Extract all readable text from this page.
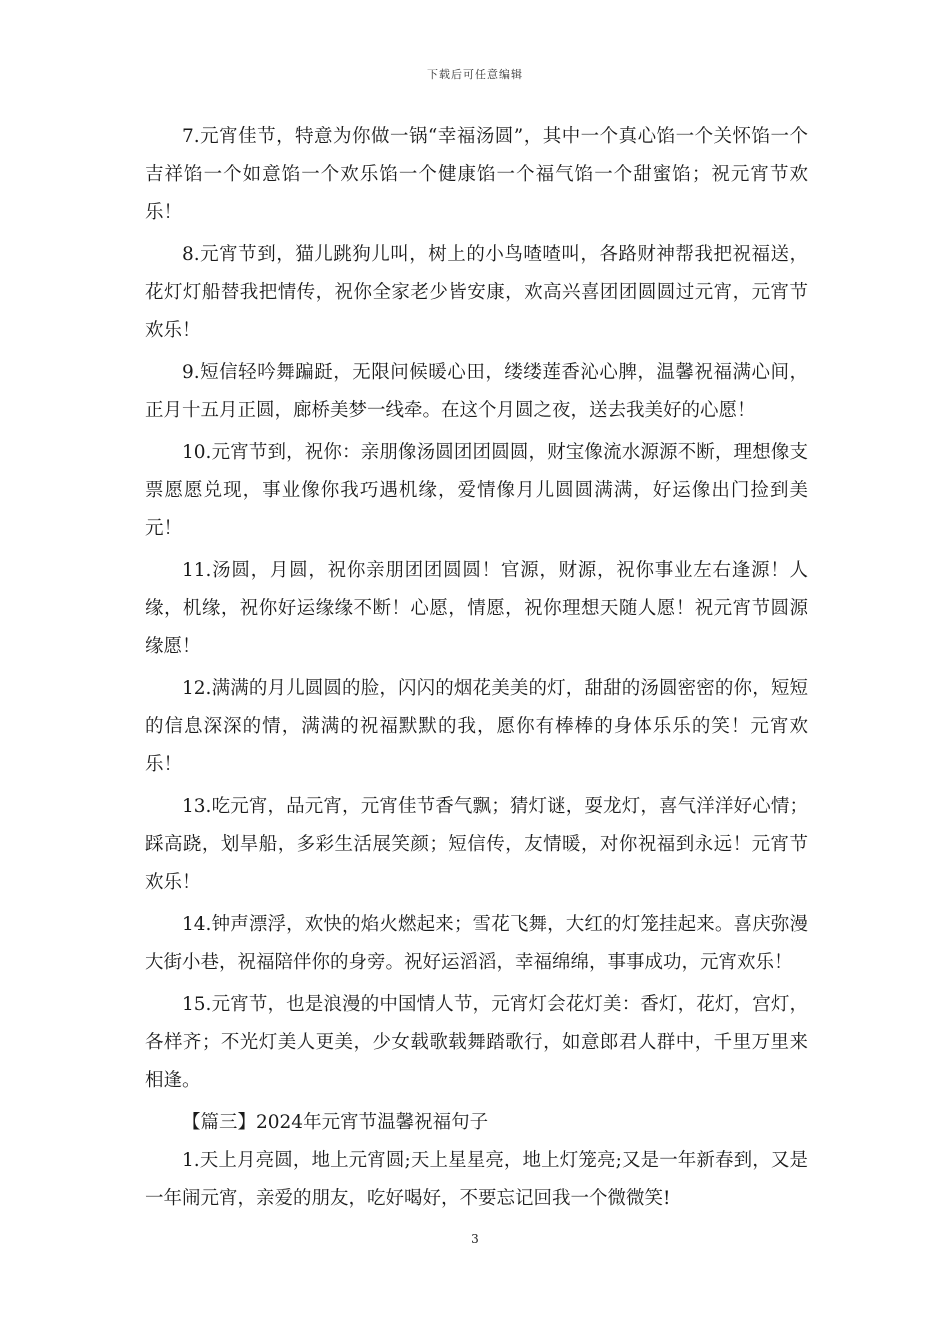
下载后可任意编辑

7.元宵佳节，特意为你做一锅“幸福汤圆”，其中一个真心馅一个关怀馅一个吉祥馅一个如意馅一个欢乐馅一个健康馅一个福气馅一个甜蜜馅；祝元宵节欢乐！

8.元宵节到，猫儿跳狗儿叫，树上的小鸟喳喳叫，各路财神帮我把祝福送，花灯灯船替我把情传，祝你全家老少皆安康，欢高兴喜团团圆圆过元宵，元宵节欢乐！

9.短信轻吟舞蹁跹，无限问候暖心田，缕缕莲香沁心脾，温馨祝福满心间，正月十五月正圆，廊桥美梦一线牵。在这个月圆之夜，送去我美好的心愿！

10.元宵节到，祝你：亲朋像汤圆团团圆圆，财宝像流水源源不断，理想像支票愿愿兑现，事业像你我巧遇机缘，爱情像月儿圆圆满满，好运像出门捡到美元！

11.汤圆，月圆，祝你亲朋团团圆圆！官源，财源，祝你事业左右逢源！人缘，机缘，祝你好运缘缘不断！心愿，情愿，祝你理想天随人愿！祝元宵节圆源缘愿！

12.满满的月儿圆圆的脸，闪闪的烟花美美的灯，甜甜的汤圆密密的你，短短的信息深深的情，满满的祝福默默的我，愿你有棒棒的身体乐乐的笑！元宵欢乐！

13.吃元宵，品元宵，元宵佳节香气飘；猜灯谜，耍龙灯，喜气洋洋好心情；踩高跷，划旱船，多彩生活展笑颜；短信传，友情暖，对你祝福到永远！元宵节欢乐！

14.钟声漂浮，欢快的焰火燃起来；雪花飞舞，大红的灯笼挂起来。喜庆弥漫大街小巷，祝福陪伴你的身旁。祝好运滔滔，幸福绵绵，事事成功，元宵欢乐！

15.元宵节，也是浪漫的中国情人节，元宵灯会花灯美：香灯，花灯，宫灯，各样齐；不光灯美人更美，少女载歌载舞踏歌行，如意郎君人群中，千里万里来相逢。

【篇三】2024年元宵节温馨祝福句子

1.天上月亮圆，地上元宵圆;天上星星亮，地上灯笼亮;又是一年新春到，又是一年闹元宵，亲爱的朋友，吃好喝好，不要忘记回我一个微微笑!

3
